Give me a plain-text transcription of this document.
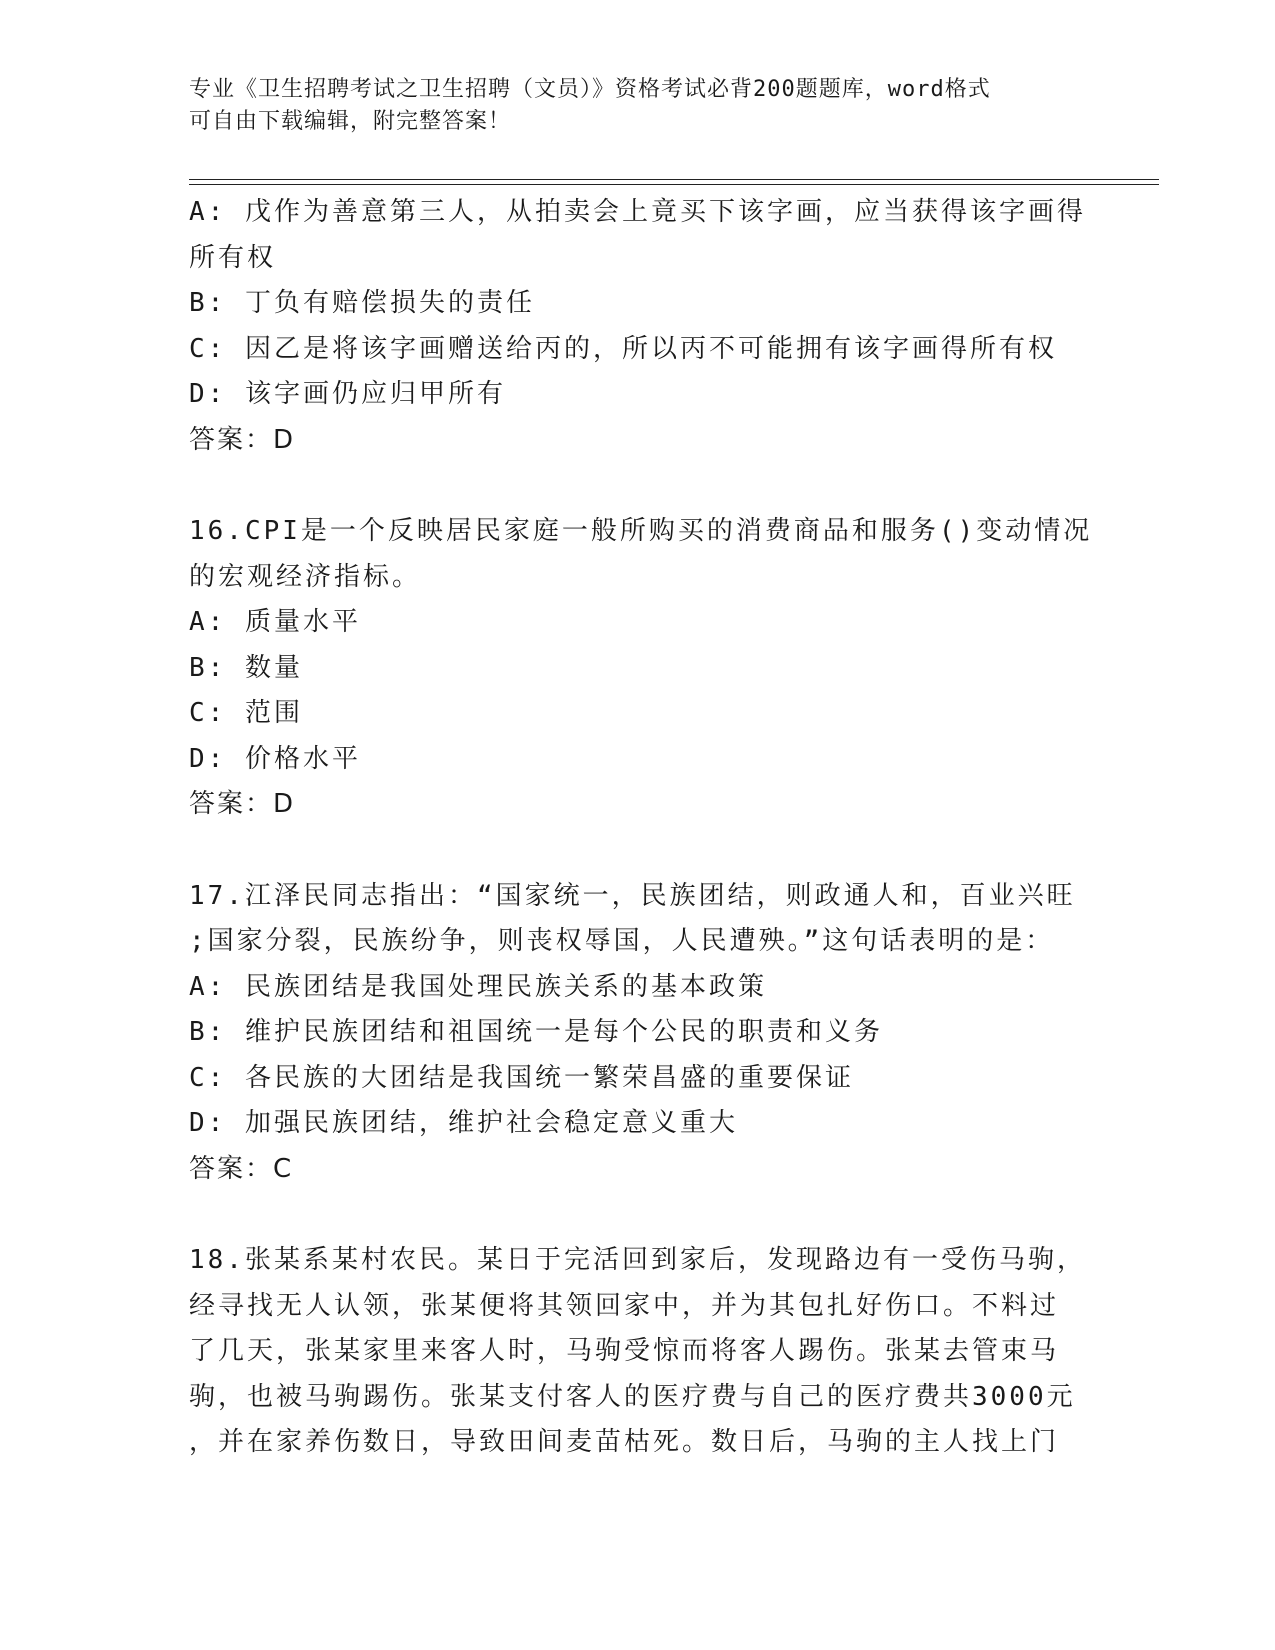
专业《卫生招聘考试之卫生招聘（文员）》资格考试必背200题题库，word格式
可自由下载编辑，附完整答案！
A: 戊作为善意第三人，从拍卖会上竟买下该字画，应当获得该字画得
所有权
B: 丁负有赔偿损失的责任
C: 因乙是将该字画赠送给丙的，所以丙不可能拥有该字画得所有权
D: 该字画仍应归甲所有
答案：D
16.CPI是一个反映居民家庭一般所购买的消费商品和服务()变动情况
的宏观经济指标。
A: 质量水平
B: 数量
C: 范围
D: 价格水平
答案：D
17.江泽民同志指出：“国家统一，民族团结，则政通人和，百业兴旺
;国家分裂，民族纷争，则丧权辱国，人民遭殃。”这句话表明的是：
A: 民族团结是我国处理民族关系的基本政策
B: 维护民族团结和祖国统一是每个公民的职责和义务
C: 各民族的大团结是我国统一繁荣昌盛的重要保证
D: 加强民族团结，维护社会稳定意义重大
答案：C
18.张某系某村农民。某日于完活回到家后，发现路边有一受伤马驹，
经寻找无人认领，张某便将其领回家中，并为其包扎好伤口。不料过
了几天，张某家里来客人时，马驹受惊而将客人踢伤。张某去管束马
驹，也被马驹踢伤。张某支付客人的医疗费与自己的医疗费共3000元
，并在家养伤数日，导致田间麦苗枯死。数日后，马驹的主人找上门
